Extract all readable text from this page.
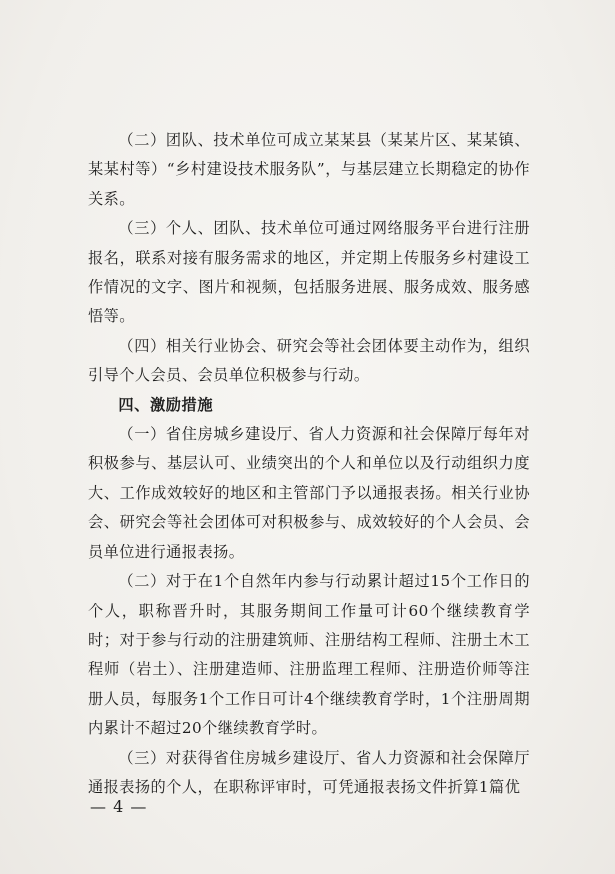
（二）团队、技术单位可成立某某县（某某片区、某某镇、某某村等）“乡村建设技术服务队”，与基层建立长期稳定的协作关系。

（三）个人、团队、技术单位可通过网络服务平台进行注册报名，联系对接有服务需求的地区，并定期上传服务乡村建设工作情况的文字、图片和视频，包括服务进展、服务成效、服务感悟等。

（四）相关行业协会、研究会等社会团体要主动作为，组织引导个人会员、会员单位积极参与行动。

四、激励措施

（一）省住房城乡建设厅、省人力资源和社会保障厅每年对积极参与、基层认可、业绩突出的个人和单位以及行动组织力度大、工作成效较好的地区和主管部门予以通报表扬。相关行业协会、研究会等社会团体可对积极参与、成效较好的个人会员、会员单位进行通报表扬。

（二）对于在1个自然年内参与行动累计超过15个工作日的个人，职称晋升时，其服务期间工作量可计60个继续教育学时；对于参与行动的注册建筑师、注册结构工程师、注册土木工程师（岩土）、注册建造师、注册监理工程师、注册造价师等注册人员，每服务1个工作日可计4个继续教育学时，1个注册周期内累计不超过20个继续教育学时。

（三）对获得省住房城乡建设厅、省人力资源和社会保障厅通报表扬的个人，在职称评审时，可凭通报表扬文件折算1篇优

— 4 —
